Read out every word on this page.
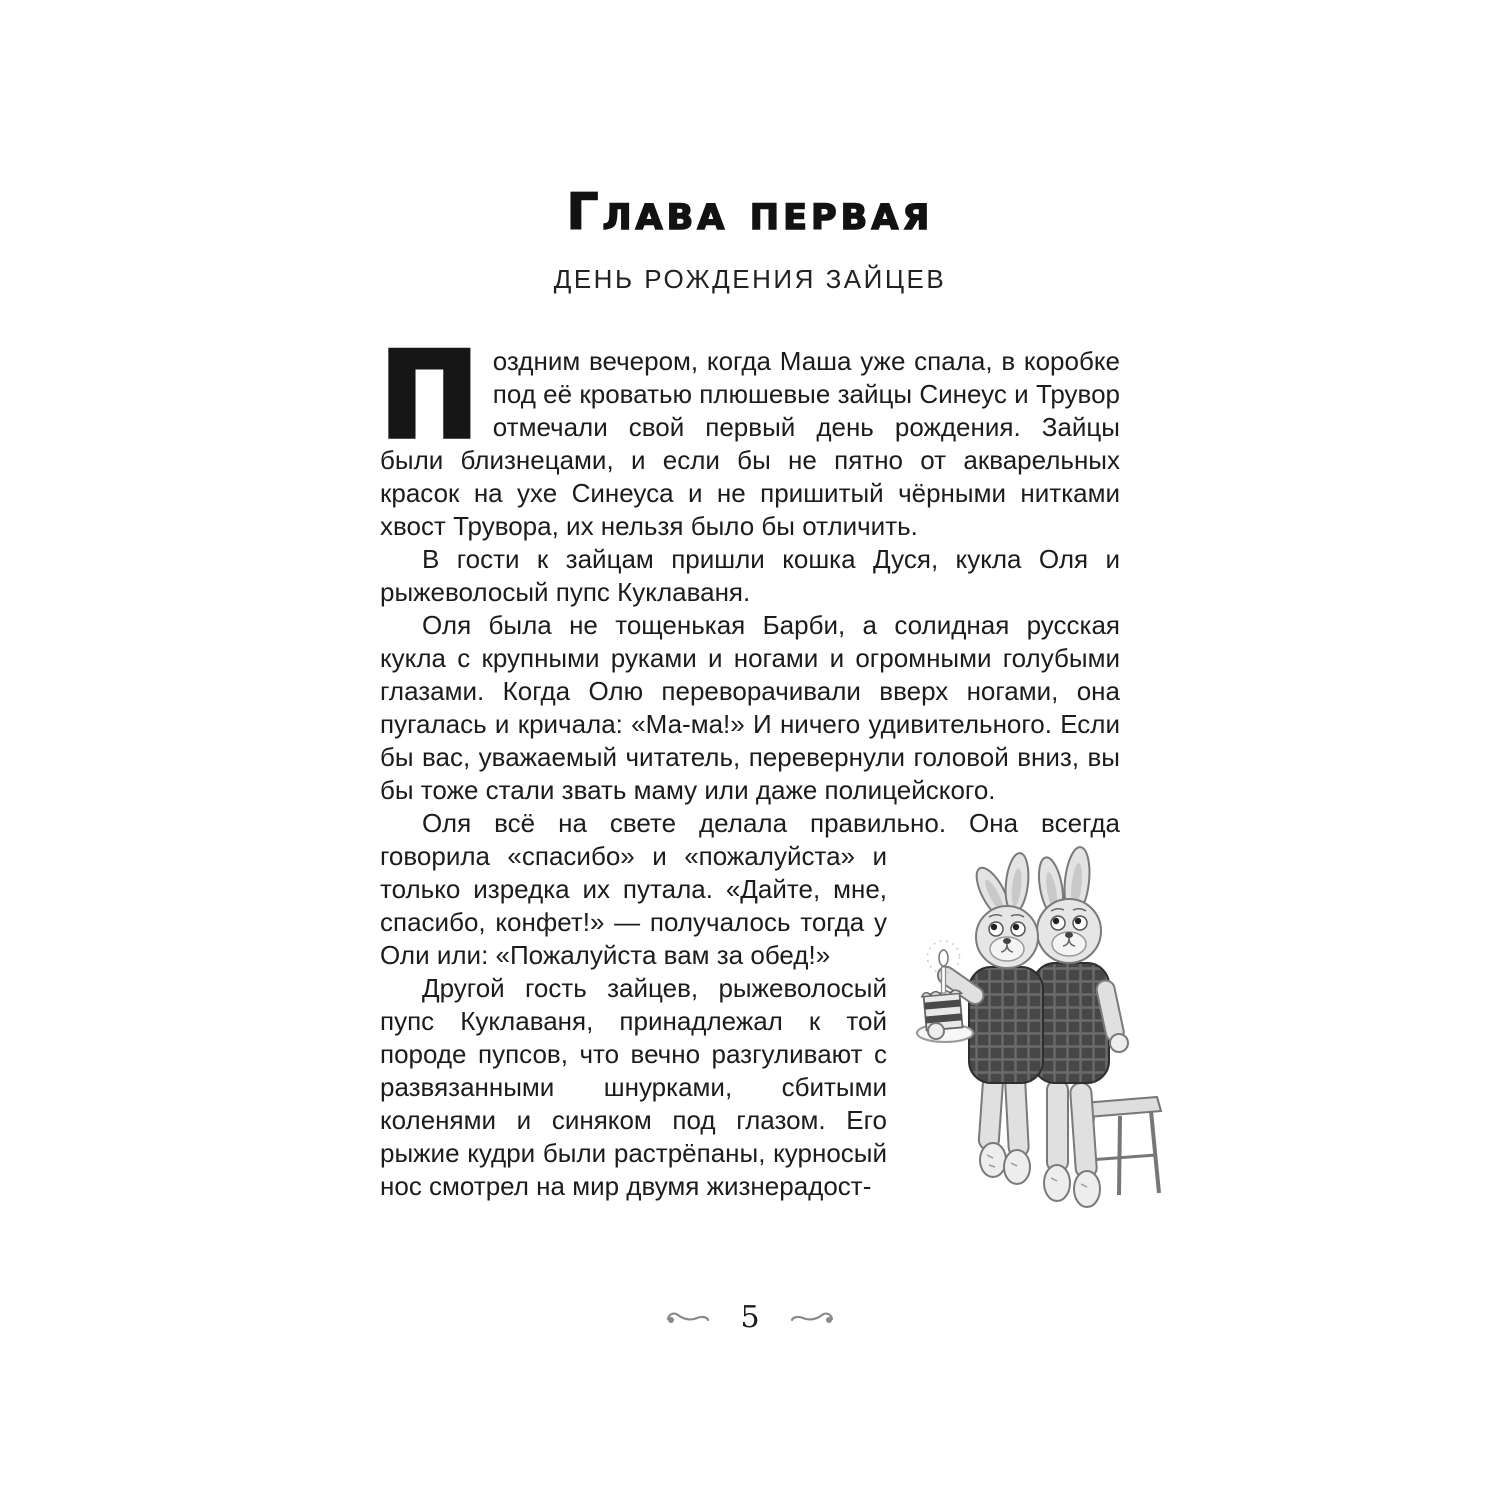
Глава первая
ДЕНЬ РОЖДЕНИЯ ЗАЙЦЕВ

Поздним вечером, когда Маша уже спала, в коробке под её кроватью плюшевые зайцы Синеус и Трувор отмечали свой первый день рождения. Зайцы были близнецами, и если бы не пятно от акварельных красок на ухе Синеуса и не пришитый чёрными нитками хвост Трувора, их нельзя было бы отличить.

В гости к зайцам пришли кошка Дуся, кукла Оля и рыжеволосый пупс Куклаваня.

Оля была не тощенькая Барби, а солидная русская кукла с крупными руками и ногами и огромными голубыми глазами. Когда Олю переворачивали вверх ногами, она пугалась и кричала: «Ма-ма!» И ничего удивительного. Если бы вас, уважаемый читатель, перевернули головой вниз, вы бы тоже стали звать маму или даже полицейского.

Оля всё на свете делала правильно. Она всегда говорила «спасибо» и «пожалуйста» и только изредка их путала. «Дайте, мне, спасибо, конфет!» — получалось тогда у Оли или: «Пожалуйста вам за обед!»

Другой гость зайцев, рыжеволосый пупс Куклаваня, принадлежал к той породе пупсов, что вечно разгуливают с развязанными шнурками, сбитыми коленями и синяком под глазом. Его рыжие кудри были растрёпаны, курносый нос смотрел на мир двумя жизнерадост-

5
